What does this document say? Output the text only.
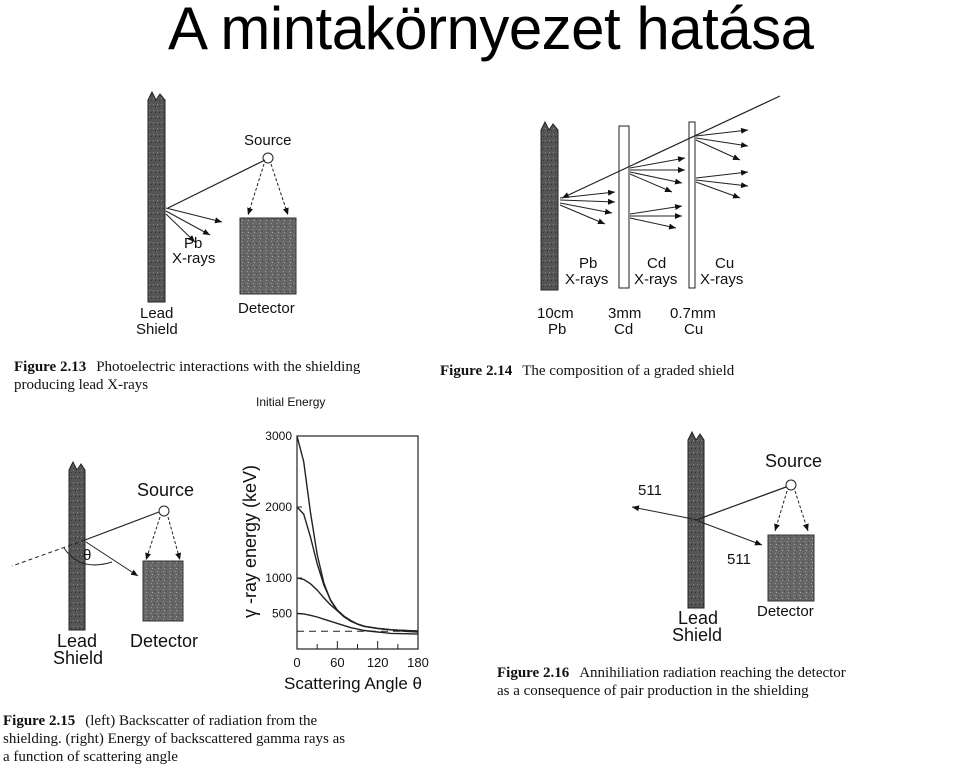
A mintakörnyezet hatása
500
1000
2000
3000
0 60 120 180
γ -ray energy (keV)
Scattering Angle θ
Source
Pb
X-rays
Lead
Shield
Detector
Figure 2.13 Photoelectric interactions with the shielding
producing lead X-rays
Pb
X-rays
Cd
X-rays
Cu
X-rays
10cm
Pb
3mm
Cd
0.7mm
Cu
Figure 2.14 The composition of a graded shield
Source
θ
Lead
Shield
Detector
Initial Energy
Figure 2.15 (left) Backscatter of radiation from the
shielding. (right) Energy of backscattered gamma rays as
a function of scattering angle
Source
511
511
Lead
Shield
Detector
Figure 2.16 Annihiliation radiation reaching the detector
as a consequence of pair production in the shielding
